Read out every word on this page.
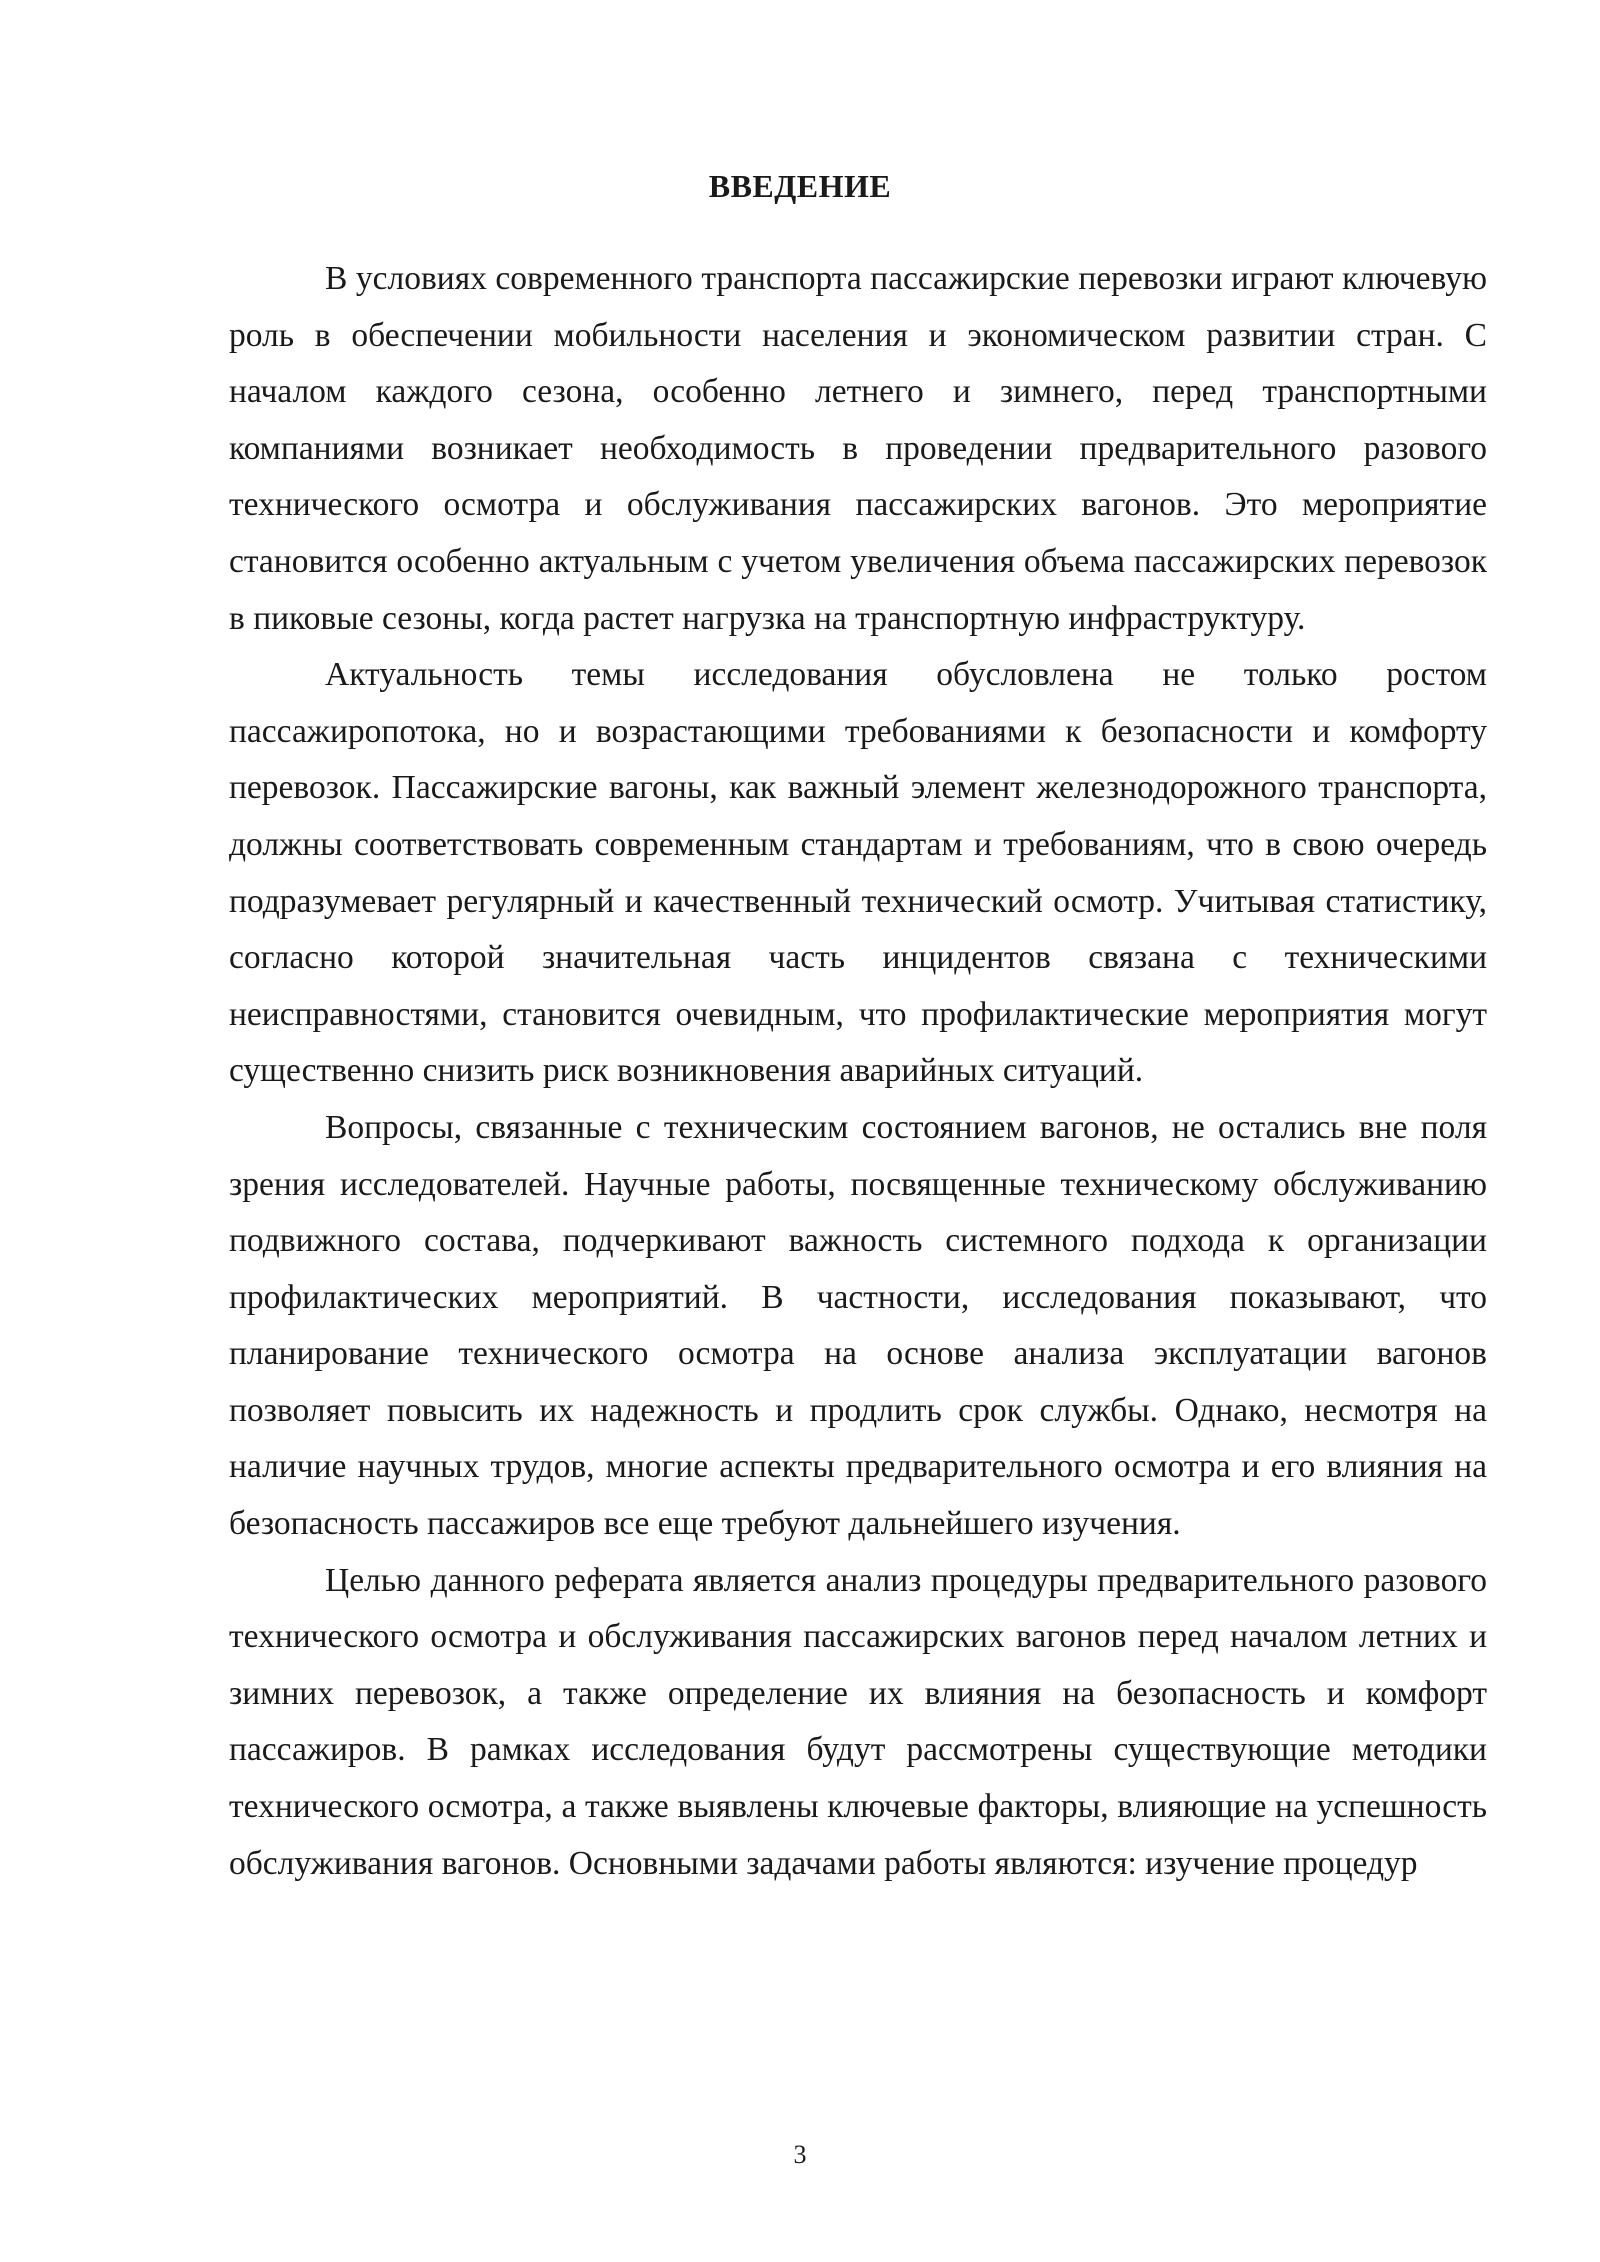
ВВЕДЕНИЕ

В условиях современного транспорта пассажирские перевозки играют ключевую роль в обеспечении мобильности населения и экономическом развитии стран. С началом каждого сезона, особенно летнего и зимнего, перед транспортными компаниями возникает необходимость в проведении предварительного разового технического осмотра и обслуживания пассажирских вагонов. Это мероприятие становится особенно актуальным с учетом увеличения объема пассажирских перевозок в пиковые сезоны, когда растет нагрузка на транспортную инфраструктуру.

Актуальность темы исследования обусловлена не только ростом пассажиропотока, но и возрастающими требованиями к безопасности и комфорту перевозок. Пассажирские вагоны, как важный элемент железнодорожного транспорта, должны соответствовать современным стандартам и требованиям, что в свою очередь подразумевает регулярный и качественный технический осмотр. Учитывая статистику, согласно которой значительная часть инцидентов связана с техническими неисправностями, становится очевидным, что профилактические мероприятия могут существенно снизить риск возникновения аварийных ситуаций.

Вопросы, связанные с техническим состоянием вагонов, не остались вне поля зрения исследователей. Научные работы, посвященные техническому обслуживанию подвижного состава, подчеркивают важность системного подхода к организации профилактических мероприятий. В частности, исследования показывают, что планирование технического осмотра на основе анализа эксплуатации вагонов позволяет повысить их надежность и продлить срок службы. Однако, несмотря на наличие научных трудов, многие аспекты предварительного осмотра и его влияния на безопасность пассажиров все еще требуют дальнейшего изучения.

Целью данного реферата является анализ процедуры предварительного разового технического осмотра и обслуживания пассажирских вагонов перед началом летних и зимних перевозок, а также определение их влияния на безопасность и комфорт пассажиров. В рамках исследования будут рассмотрены существующие методики технического осмотра, а также выявлены ключевые факторы, влияющие на успешность обслуживания вагонов. Основными задачами работы являются: изучение процедур

3
